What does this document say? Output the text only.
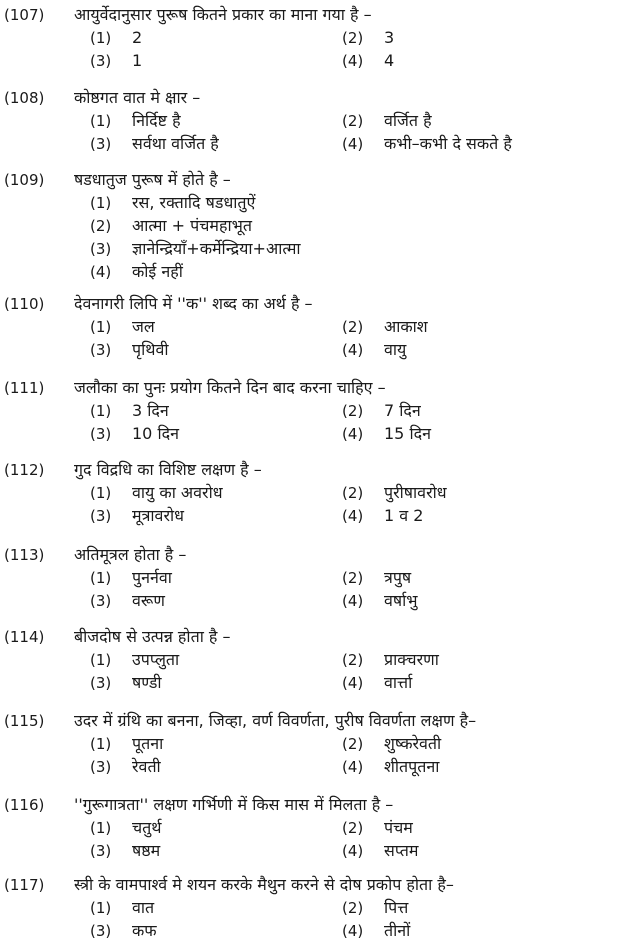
(107) आयुर्वेदानुसार पुरूष कितने प्रकार का माना गया है –
(1) 2	(2) 3
(3) 1	(4) 4
(108) कोष्ठगत वात मे क्षार –
(1) निर्दिष्ट है	(2) वर्जित है
(3) सर्वथा वर्जित है	(4) कभी–कभी दे सकते है
(109) षडधातुज पुरूष में होते है –
(1) रस, रक्तादि षडधातुऐं
(2) आत्मा + पंचमहाभूत
(3) ज्ञानेन्द्रियाँ+कर्मेन्द्रिया+आत्मा
(4) कोई नहीं
(110) देवनागरी लिपि में ''क'' शब्द का अर्थ है –
(1) जल	(2) आकाश
(3) पृथिवी	(4) वायु
(111) जलौका का पुनः प्रयोग कितने दिन बाद करना चाहिए –
(1) 3 दिन	(2) 7 दिन
(3) 10 दिन	(4) 15 दिन
(112) गुद विद्रधि का विशिष्ट लक्षण है –
(1) वायु का अवरोध	(2) पुरीषावरोध
(3) मूत्रावरोध	(4) 1 व 2
(113) अतिमूत्रल होता है –
(1) पुनर्नवा	(2) त्रपुष
(3) वरूण	(4) वर्षाभु
(114) बीजदोष से उत्पन्न होता है –
(1) उपप्लुता	(2) प्राक्चरणा
(3) षण्डी	(4) वार्त्ता
(115) उदर में ग्रंथि का बनना, जिव्हा, वर्ण विवर्णता, पुरीष विवर्णता लक्षण है–
(1) पूतना	(2) शुष्करेवती
(3) रेवती	(4) शीतपूतना
(116) ''गुरूगात्रता'' लक्षण गर्भिणी में किस मास में मिलता है –
(1) चतुर्थ	(2) पंचम
(3) षष्ठम	(4) सप्तम
(117) स्त्री के वामपार्श्व मे शयन करके मैथुन करने से दोष प्रकोप होता है–
(1) वात	(2) पित्त
(3) कफ	(4) तीनों
